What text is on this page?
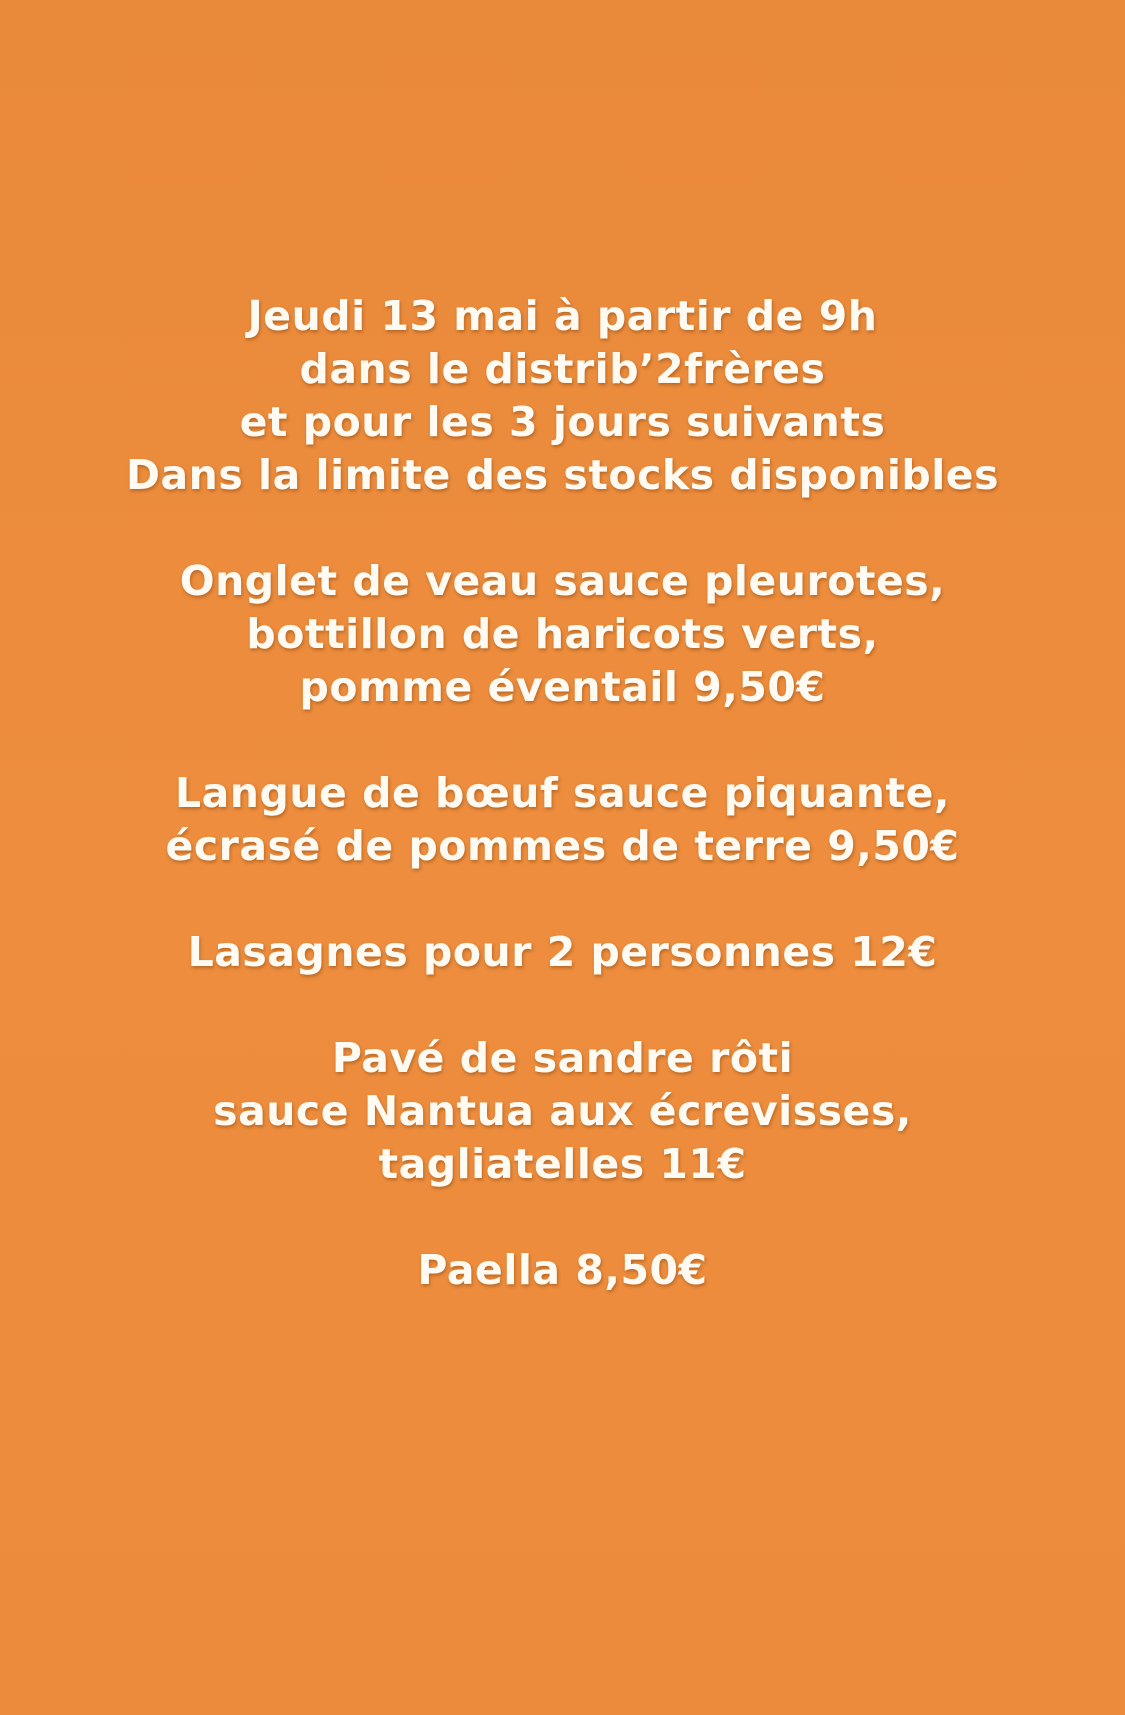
Jeudi 13 mai à partir de 9h
dans le distrib’2frères
et pour les 3 jours suivants
Dans la limite des stocks disponibles
Onglet de veau sauce pleurotes,
bottillon de haricots verts,
pomme éventail 9,50€
Langue de bœuf sauce piquante,
écrasé de pommes de terre 9,50€
Lasagnes pour 2 personnes 12€
Pavé de sandre rôti
sauce Nantua aux écrevisses,
tagliatelles 11€
Paella 8,50€
